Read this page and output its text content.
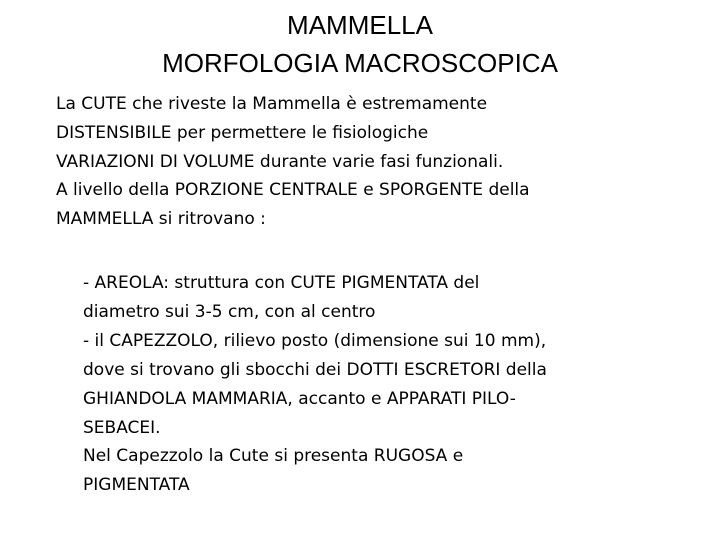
MAMMELLA
MORFOLOGIA MACROSCOPICA
La CUTE che riveste la Mammella è estremamente
DISTENSIBILE per permettere le fisiologiche
VARIAZIONI DI VOLUME durante varie fasi funzionali.
A livello della PORZIONE CENTRALE e SPORGENTE della
MAMMELLA si ritrovano :
- AREOLA: struttura con CUTE PIGMENTATA del
diametro sui 3-5 cm, con al centro
- il CAPEZZOLO, rilievo posto (dimensione sui 10 mm),
dove si trovano gli sbocchi dei DOTTI ESCRETORI della
GHIANDOLA MAMMARIA, accanto e APPARATI PILO-
SEBACEI.
Nel Capezzolo la Cute si presenta RUGOSA e
PIGMENTATA
